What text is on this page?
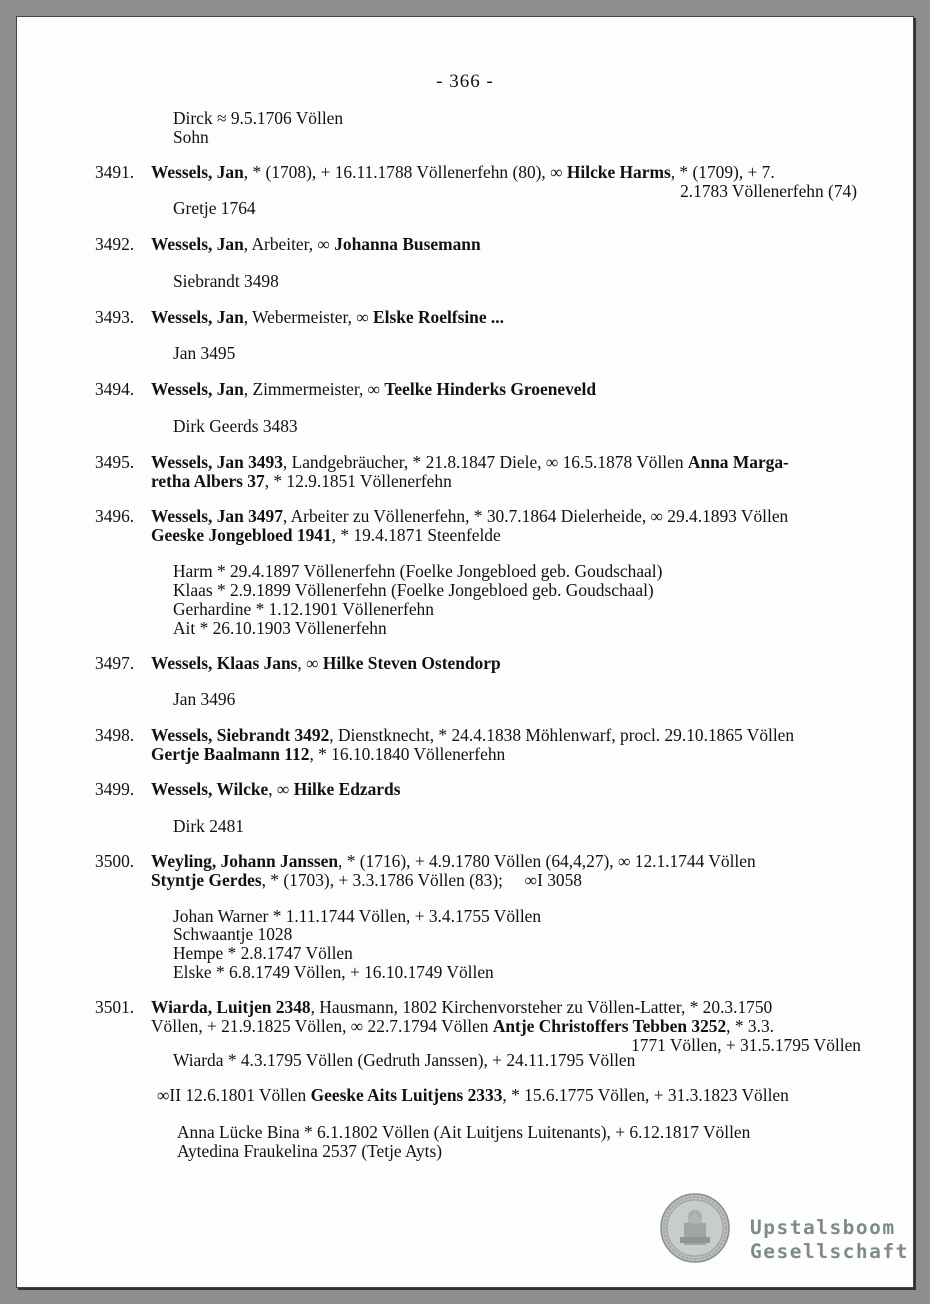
- 366 -
Dirck ≈ 9.5.1706 Völlen
Sohn
3491. Wessels, Jan, * (1708), + 16.11.1788 Völlenerfehn (80), ∞ Hilcke Harms, * (1709), + 7.
2.1783 Völlenerfehn (74)
Gretje 1764
3492. Wessels, Jan, Arbeiter, ∞ Johanna Busemann
Siebrandt 3498
3493. Wessels, Jan, Webermeister, ∞ Elske Roelfsine ...
Jan 3495
3494. Wessels, Jan, Zimmermeister, ∞ Teelke Hinderks Groeneveld
Dirk Geerds 3483
3495. Wessels, Jan 3493, Landgebräucher, * 21.8.1847 Diele, ∞ 16.5.1878 Völlen Anna Marga-
retha Albers 37, * 12.9.1851 Völlenerfehn
3496. Wessels, Jan 3497, Arbeiter zu Völlenerfehn, * 30.7.1864 Dielerheide, ∞ 29.4.1893 Völlen
Geeske Jongebloed 1941, * 19.4.1871 Steenfelde
Harm * 29.4.1897 Völlenerfehn (Foelke Jongebloed geb. Goudschaal)
Klaas * 2.9.1899 Völlenerfehn (Foelke Jongebloed geb. Goudschaal)
Gerhardine * 1.12.1901 Völlenerfehn
Ait * 26.10.1903 Völlenerfehn
3497. Wessels, Klaas Jans, ∞ Hilke Steven Ostendorp
Jan 3496
3498. Wessels, Siebrandt 3492, Dienstknecht, * 24.4.1838 Möhlenwarf, procl. 29.10.1865 Völlen
Gertje Baalmann 112, * 16.10.1840 Völlenerfehn
3499. Wessels, Wilcke, ∞ Hilke Edzards
Dirk 2481
3500. Weyling, Johann Janssen, * (1716), + 4.9.1780 Völlen (64,4,27), ∞ 12.1.1744 Völlen
Styntje Gerdes, * (1703), + 3.3.1786 Völlen (83);     ∞I 3058
Johan Warner * 1.11.1744 Völlen, + 3.4.1755 Völlen
Schwaantje 1028
Hempe * 2.8.1747 Völlen
Elske * 6.8.1749 Völlen, + 16.10.1749 Völlen
3501. Wiarda, Luitjen 2348, Hausmann, 1802 Kirchenvorsteher zu Völlen-Latter, * 20.3.1750
Völlen, + 21.9.1825 Völlen, ∞ 22.7.1794 Völlen Antje Christoffers Tebben 3252, * 3.3.
1771 Völlen, + 31.5.1795 Völlen
Wiarda * 4.3.1795 Völlen (Gedruth Janssen), + 24.11.1795 Völlen
∞II 12.6.1801 Völlen Geeske Aits Luitjens 2333, * 15.6.1775 Völlen, + 31.3.1823 Völlen
Anna Lücke Bina * 6.1.1802 Völlen (Ait Luitjens Luitenants), + 6.12.1817 Völlen
Aytedina Fraukelina 2537 (Tetje Ayts)
Upstalsboom
Gesellschaft
